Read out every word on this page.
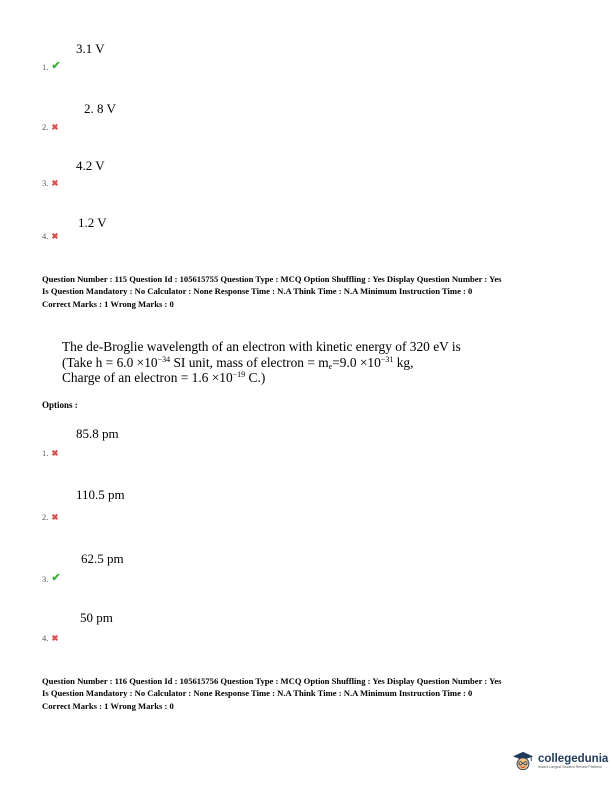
3.1 V
1. ✔
2. 8 V
2. ✖
4.2 V
3. ✖
1.2 V
4. ✖
Question Number : 115 Question Id : 105615755 Question Type : MCQ Option Shuffling : Yes Display Question Number : Yes
Is Question Mandatory : No Calculator : None Response Time : N.A Think Time : N.A Minimum Instruction Time : 0
Correct Marks : 1 Wrong Marks : 0
The de-Broglie wavelength of an electron with kinetic energy of 320 eV is
(Take $h = 6.0 \times 10^{-34}$ SI unit, mass of electron = $m_e=9.0 \times 10^{-31}$ kg,
Charge of an electron = $1.6 \times 10^{-19}$ C.)
Options :
85.8 pm
1. ✖
110.5 pm
2. ✖
62.5 pm
3. ✔
50 pm
4. ✖
Question Number : 116 Question Id : 105615756 Question Type : MCQ Option Shuffling : Yes Display Question Number : Yes
Is Question Mandatory : No Calculator : None Response Time : N.A Think Time : N.A Minimum Instruction Time : 0
Correct Marks : 1 Wrong Marks : 0
collegedunia
India's Largest Student Review Platform
